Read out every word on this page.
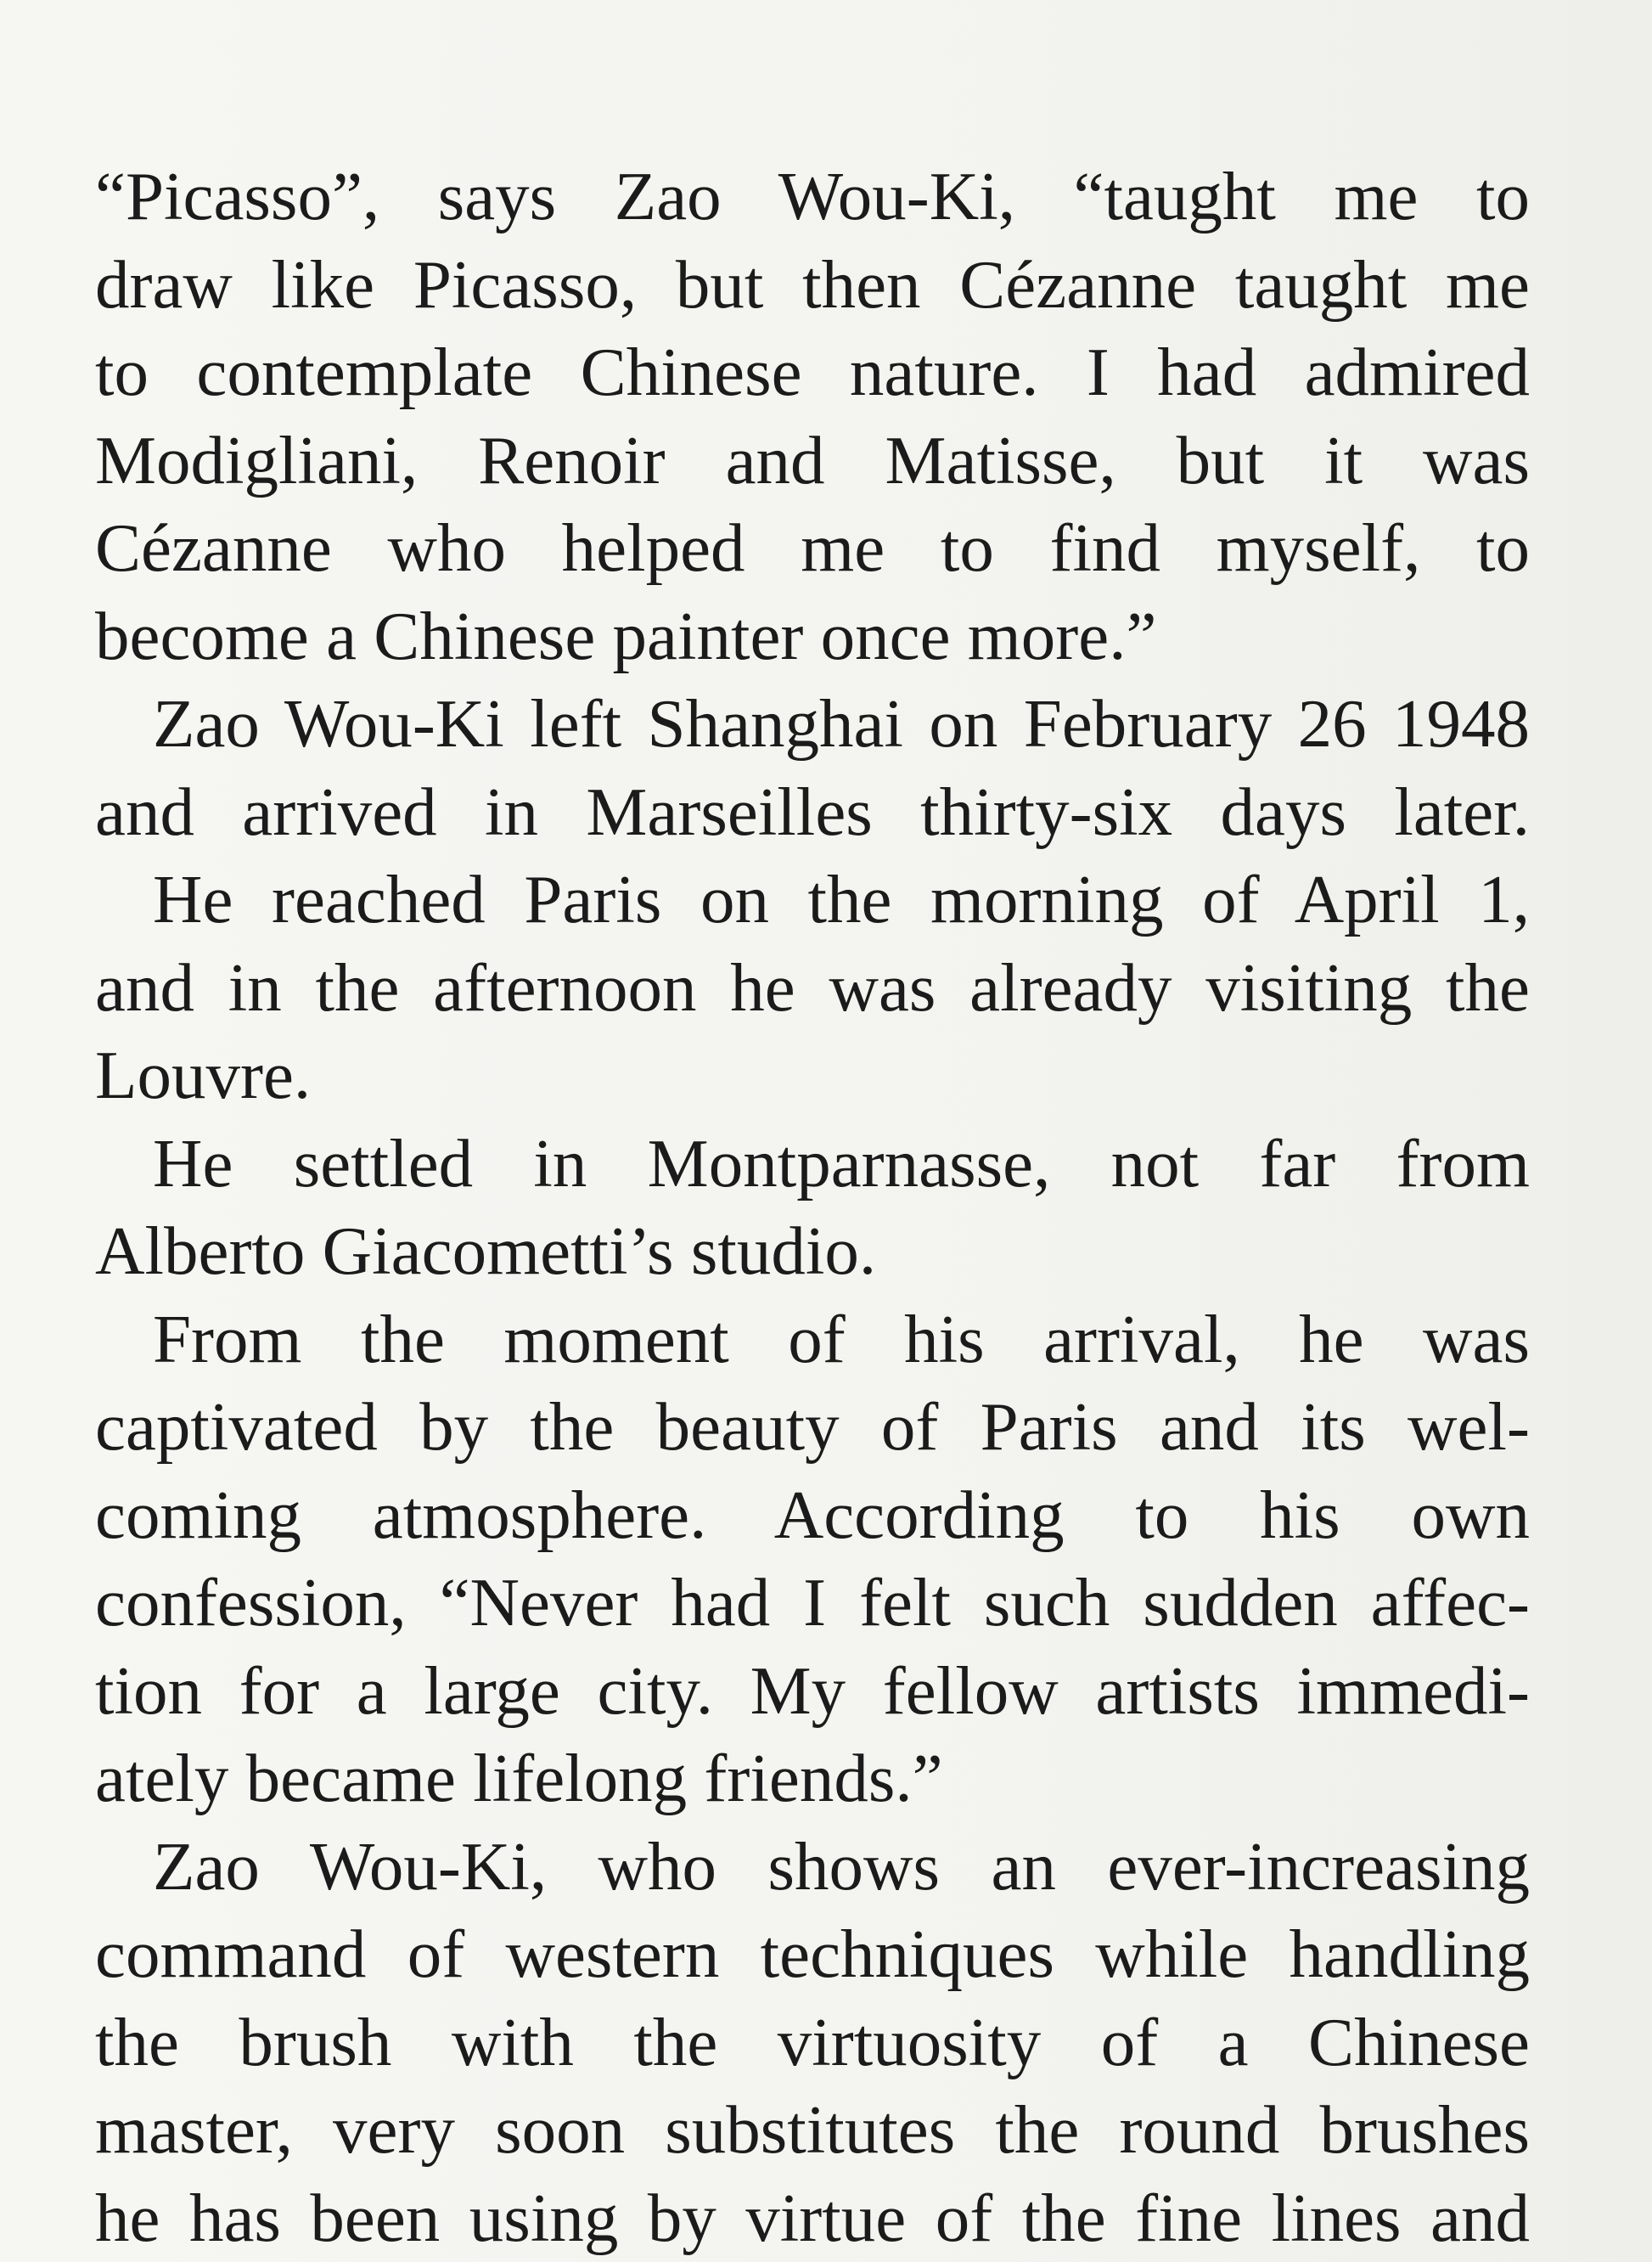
“Picasso”, says Zao Wou-Ki, “taught me to
draw like Picasso, but then Cézanne taught me
to contemplate Chinese nature. I had admired
Modigliani, Renoir and Matisse, but it was
Cézanne who helped me to find myself, to
become a Chinese painter once more.”
Zao Wou-Ki left Shanghai on February 26 1948
and arrived in Marseilles thirty-six days later.
He reached Paris on the morning of April 1,
and in the afternoon he was already visiting the
Louvre.
He settled in Montparnasse, not far from
Alberto Giacometti’s studio.
From the moment of his arrival, he was
captivated by the beauty of Paris and its wel-
coming atmosphere. According to his own
confession, “Never had I felt such sudden affec-
tion for a large city. My fellow artists immedi-
ately became lifelong friends.”
Zao Wou-Ki, who shows an ever-increasing
command of western techniques while handling
the brush with the virtuosity of a Chinese
master, very soon substitutes the round brushes
he has been using by virtue of the fine lines and
